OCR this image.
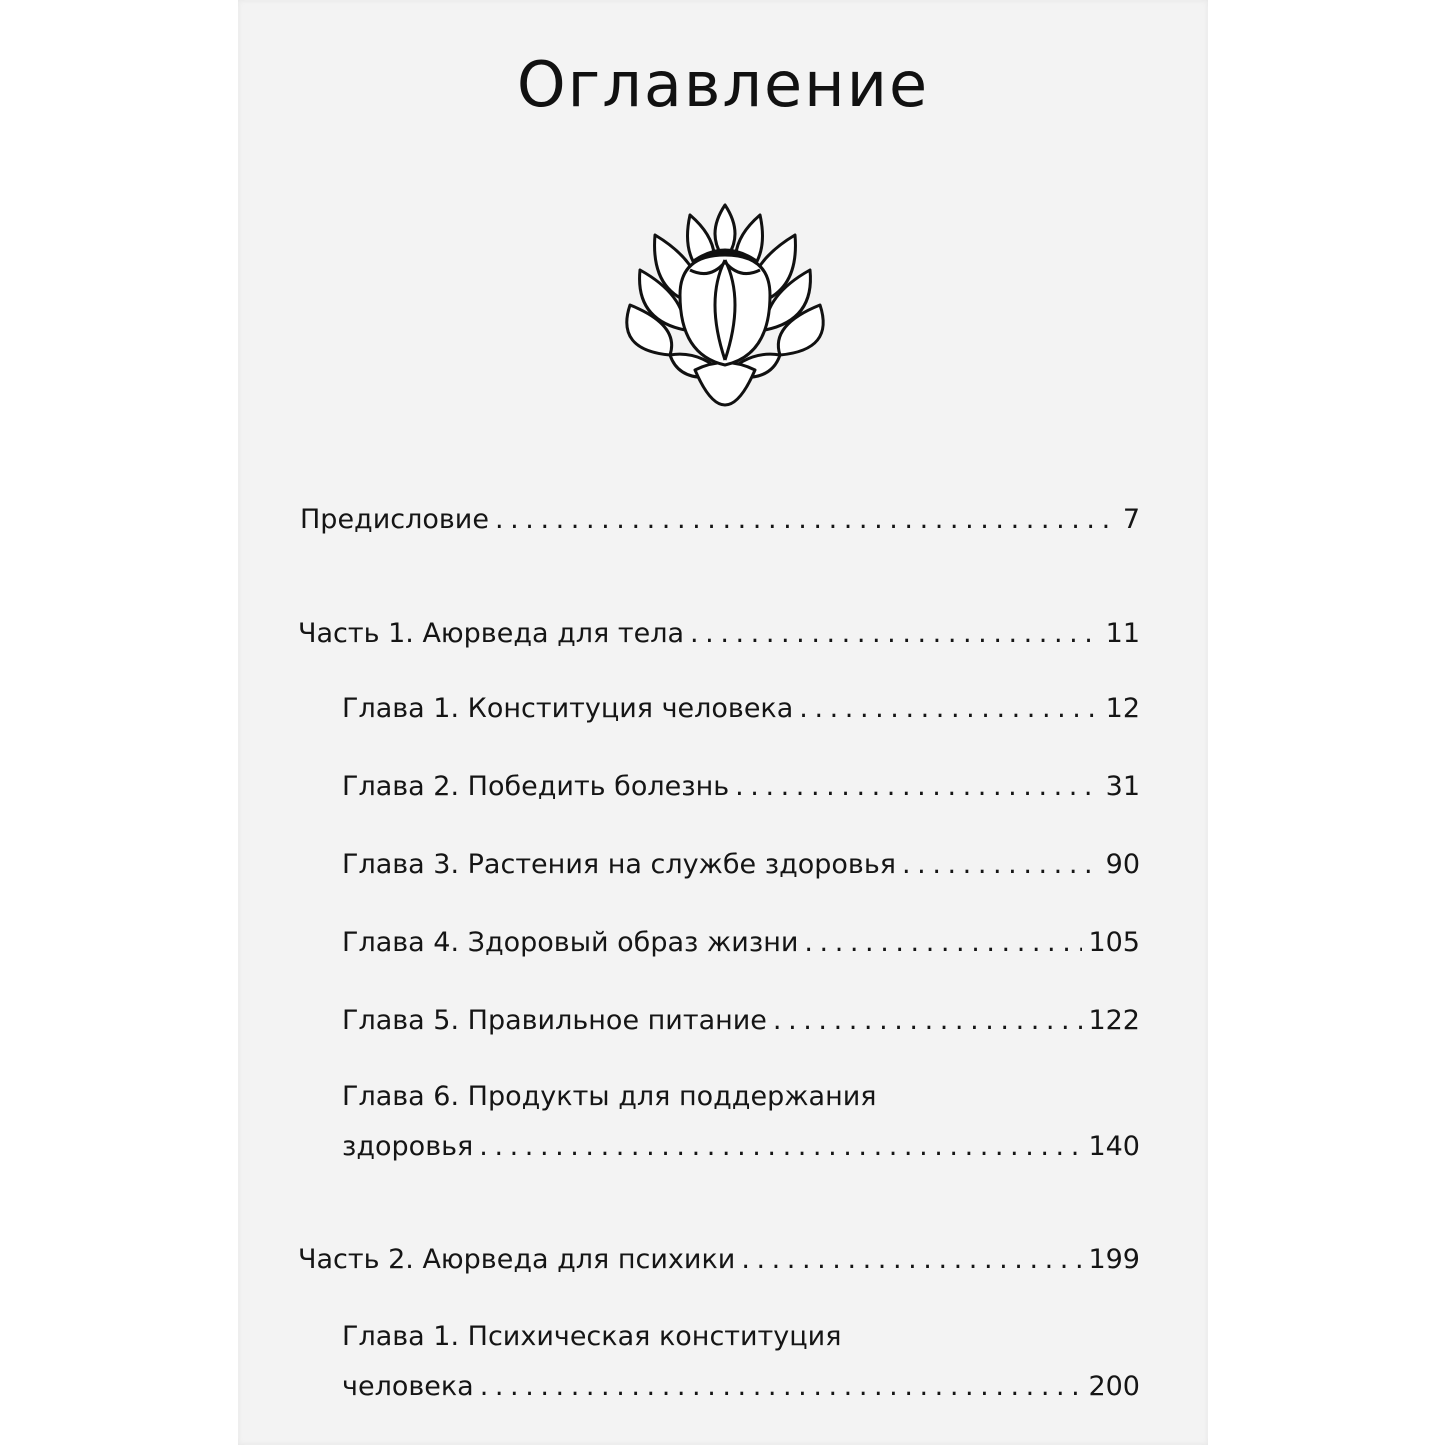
Оглавление
Предисловие . . .	7
Часть 1. Аюрведа для тела . . .	11
Глава 1. Конституция человека . . .	12
Глава 2. Победить болезнь . . .	31
Глава 3. Растения на службе здоровья . . .	90
Глава 4. Здоровый образ жизни . . .	105
Глава 5. Правильное питание . . .	122
Глава 6. Продукты для поддержания
здоровья . . .	140
Часть 2. Аюрведа для психики . . .	199
Глава 1. Психическая конституция
человека . . .	200
